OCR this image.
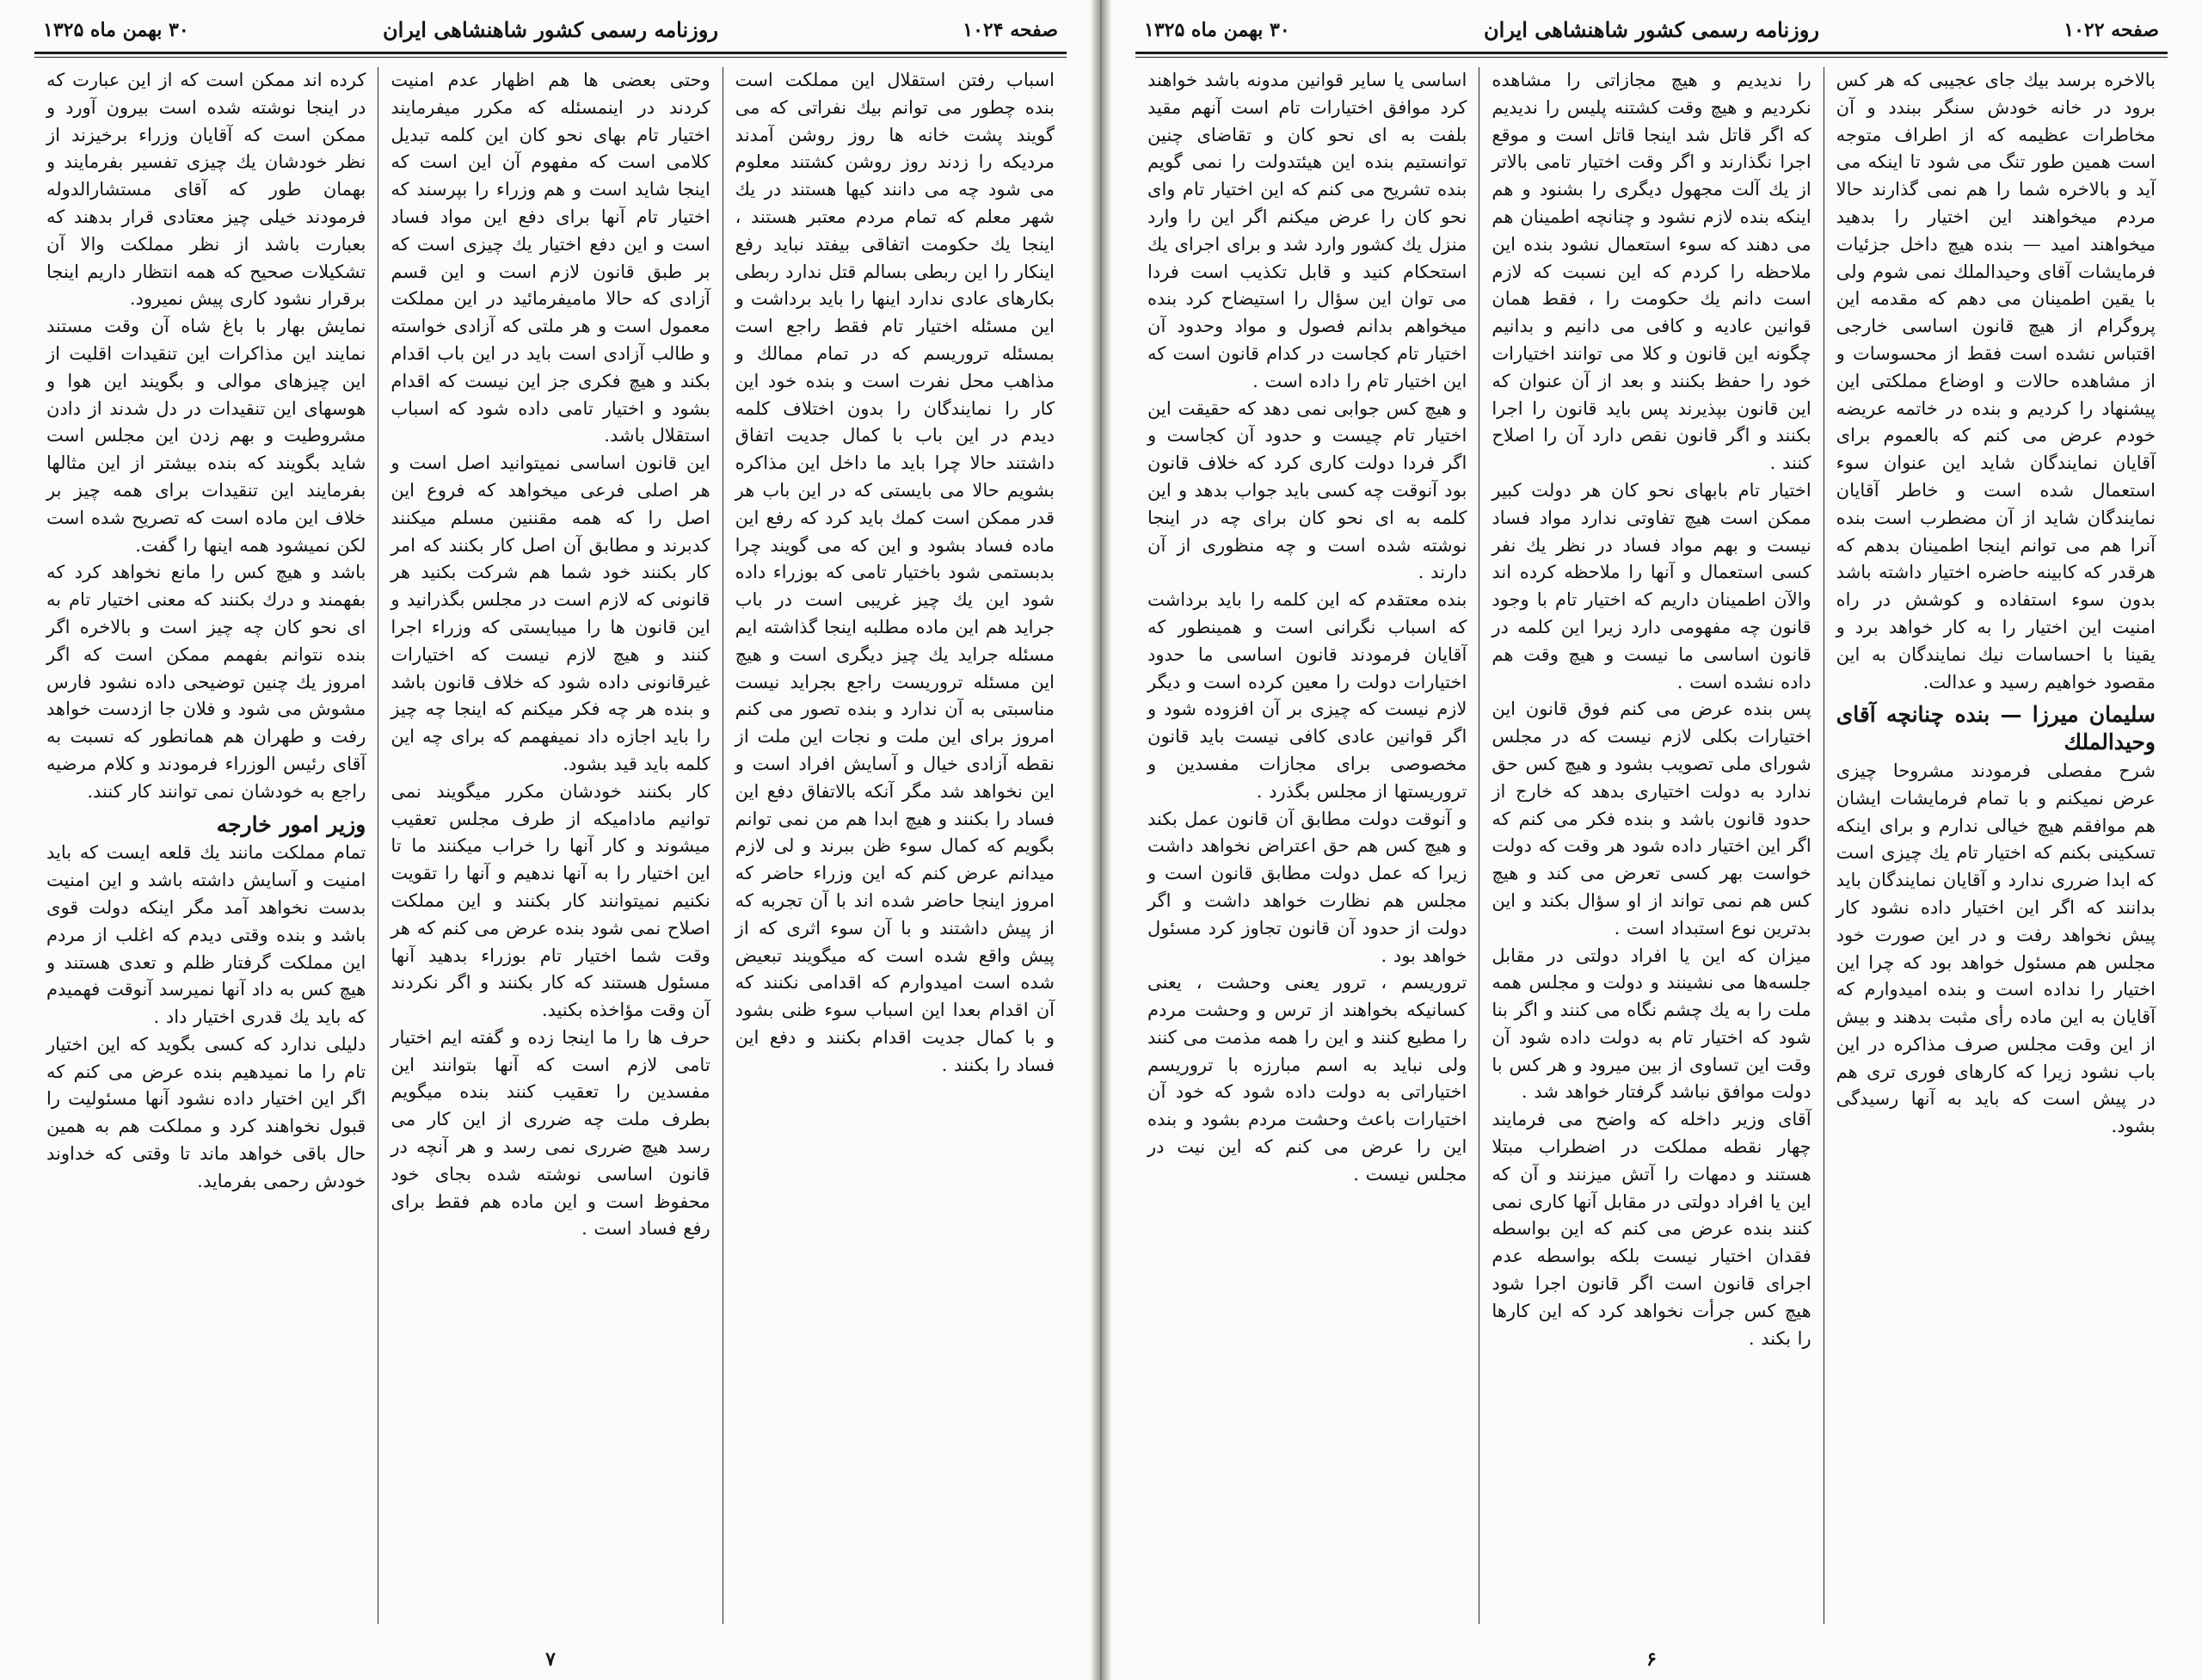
صفحه ۱۰۲۴
روزنامه رسمی کشور شاهنشاهی ایران
۳۰ بهمن ماه ۱۳۲۵

اسباب رفتن استقلال این مملکت است بنده چطور می توانم بیك نفراتی كه می گویند پشت خانه ها روز روشن آمدند مردیکه را زدند روز روشن کشتند معلوم می شود چه می دانند کیها هستند در یك شهر معلم که تمام مردم معتبر هستند ، اینجا یك حکومت اتفاقی بیفتد نباید رفع اینکار را این ربطی بسالم قتل ندارد ربطی بکارهای عادی ندارد اینها را باید برداشت و این مسئله اختیار تام فقط راجع است بمسئله تروریسم که در تمام ممالك و مذاهب محل نفرت است و بنده خود این کار را نمایندگان را بدون اختلاف کلمه دیدم در این باب با کمال جدیت اتفاق داشتند حالا چرا باید ما داخل این مذاکره بشویم حالا می بایستی که در این باب هر قدر ممکن است کمك باید کرد که رفع این ماده فساد بشود و این که می گویند چرا بدبستمی شود باختیار تامی که بوزراء داده شود این یك چیز غریبی است در باب جراید هم این ماده مطلبه اینجا گذاشته ایم مسئله جراید یك چیز دیگری است و هیچ این مسئله تروریست راجع بجراید نیست مناسبتی به آن ندارد و بنده تصور می کنم امروز برای این ملت و نجات این ملت از نقطه آزادی خیال و آسایش افراد است و این نخواهد شد مگر آنکه بالاتفاق دفع این فساد را بکنند و هیچ ابدا هم من نمی توانم بگویم که کمال سوء ظن ببرند و لی لازم میدانم عرض کنم که این وزراء حاضر که امروز اینجا حاضر شده اند با آن تجربه که از پیش داشتند و با آن سوء اثری که از پیش واقع شده است که میگویند تبعیض شده است امیدوارم که اقدامی نکنند که آن اقدام بعدا این اسباب سوء ظنی بشود و با کمال جدیت اقدام بکنند و دفع این فساد را بکنند .

وحتی بعضی ها هم اظهار عدم امنیت کردند در اینمسئله که مکرر میفرمایند اختیار تام بهای نحو کان این کلمه تبدیل کلامی است که مفهوم آن این است که اینجا شاید است و هم وزراء را بپرسند که اختیار تام آنها برای دفع این مواد فساد است و این دفع اختیار یك چیزی است که بر طبق قانون لازم است و این قسم آزادی که حالا مامیفرمائید در این مملکت معمول است و هر ملتی که آزادی خواسته و طالب آزادی است باید در این باب اقدام بکند و هیچ فکری جز این نیست که اقدام بشود و اختیار تامی داده شود که اسباب استقلال باشد.

این قانون اساسی نمیتوانید اصل است و هر اصلی فرعی میخواهد که فروع این اصل را که همه مقننین مسلم میکنند کدبرند و مطابق آن اصل کار بکنند که امر کار بکنند خود شما هم شرکت بکنید هر قانونی که لازم است در مجلس بگذرانید و این قانون ها را میبایستی که وزراء اجرا کنند و هیچ لازم نیست که اختیارات غیرقانونی داده شود که خلاف قانون باشد و بنده هر چه فکر میکنم که اینجا چه چیز را باید اجازه داد نمیفهمم که برای چه این کلمه باید قید بشود.

کار بکنند خودشان مکرر میگویند نمی توانیم مادامیکه از طرف مجلس تعقیب میشوند و کار آنها را خراب میکنند ما تا این اختیار را به آنها ندهیم و آنها را تقویت نکنیم نمیتوانند کار بکنند و این مملکت اصلاح نمی شود بنده عرض می کنم که هر وقت شما اختیار تام بوزراء بدهید آنها مسئول هستند که کار بکنند و اگر نکردند آن وقت مؤاخذه بکنید.

حرف ها را ما اینجا زده و گفته ایم اختیار تامی لازم است که آنها بتوانند این مفسدین را تعقیب کنند بنده میگویم بطرف ملت چه ضرری از این کار می رسد هیچ ضرری نمی رسد و هر آنچه در قانون اساسی نوشته شده بجای خود محفوظ است و این ماده هم فقط برای رفع فساد است .

کرده اند ممکن است که از این عبارت که در اینجا نوشته شده است بیرون آورد و ممکن است که آقایان وزراء برخیزند از نظر خودشان یك چیزی تفسیر بفرمایند و بهمان طور که آقای مستشارالدوله فرمودند خیلی چیز معتادی قرار بدهند که بعبارت باشد از نظر مملکت والا آن تشکیلات صحیح که همه انتظار داریم اینجا برقرار نشود کاری پیش نمیرود.

نمایش بهار با باغ شاه آن وقت مستند نمایند این مذاکرات این تنقیدات اقلیت از این چیزهای موالی و بگویند این هوا و هوسهای این تنقیدات در دل شدند از دادن مشروطیت و بهم زدن این مجلس است شاید بگویند که بنده بیشتر از این مثالها بفرمایند این تنقیدات برای همه چیز بر خلاف این ماده است که تصریح شده است لکن نمیشود همه اینها را گفت.

باشد و هیچ کس را مانع نخواهد کرد که بفهمند و درك بکنند که معنی اختیار تام به ای نحو کان چه چیز است و بالاخره اگر بنده نتوانم بفهمم ممکن است که اگر امروز یك چنین توضیحی داده نشود فارس مشوش می شود و فلان جا ازدست خواهد رفت و طهران هم همانطور که نسبت به آقای رئیس الوزراء فرمودند و کلام مرضیه راجع به خودشان نمی توانند کار کنند.

وزیر امور خارجه

تمام مملکت مانند یك قلعه ایست که باید امنیت و آسایش داشته باشد و این امنیت بدست نخواهد آمد مگر اینکه دولت قوی باشد و بنده وقتی دیدم که اغلب از مردم این مملکت گرفتار ظلم و تعدی هستند و هیچ کس به داد آنها نمیرسد آنوقت فهمیدم که باید یك قدری اختیار داد .

دلیلی ندارد که کسی بگوید که این اختیار تام را ما نمیدهیم بنده عرض می کنم که اگر این اختیار داده نشود آنها مسئولیت را قبول نخواهند کرد و مملکت هم به همین حال باقی خواهد ماند تا وقتی که خداوند خودش رحمی بفرماید.

۷
صفحه ۱۰۲۲
روزنامه رسمی کشور شاهنشاهی ایران
۳۰ بهمن ماه ۱۳۲۵

بالاخره برسد بیك جای عجیبی که هر کس برود در خانه خودش سنگر ببندد و آن مخاطرات عظیمه که از اطراف متوجه است همین طور تنگ می شود تا اینکه می آید و بالاخره شما را هم نمی گذارند حالا مردم میخواهند این اختیار را بدهید میخواهند امید — بنده هیچ داخل جزئیات فرمایشات آقای وحیدالملك نمی شوم ولی با یقین اطمینان می دهم که مقدمه این پروگرام از هیچ قانون اساسی خارجی اقتباس نشده است فقط از محسوسات و از مشاهده حالات و اوضاع مملکتی این پیشنهاد را کردیم و بنده در خاتمه عریضه خودم عرض می کنم که بالعموم برای آقایان نمایندگان شاید این عنوان سوء استعمال شده است و خاطر آقایان نمایندگان شاید از آن مضطرب است بنده آنرا هم می توانم اینجا اطمینان بدهم که هرقدر که کابینه حاضره اختیار داشته باشد بدون سوء استفاده و کوشش در راه امنیت این اختیار را به کار خواهد برد و یقینا با احساسات نیك نمایندگان به این مقصود خواهیم رسید و عدالت.

سلیمان میرزا — بنده چنانچه آقای وحیدالملك

شرح مفصلی فرمودند مشروحا چیزی عرض نمیکنم و با تمام فرمایشات ایشان هم موافقم هیچ خیالی ندارم و برای اینکه تسکینی بکنم که اختیار تام یك چیزی است که ابدا ضرری ندارد و آقایان نمایندگان باید بدانند که اگر این اختیار داده نشود کار پیش نخواهد رفت و در این صورت خود مجلس هم مسئول خواهد بود که چرا این اختیار را نداده است و بنده امیدوارم که آقایان به این ماده رأی مثبت بدهند و بیش از این وقت مجلس صرف مذاکره در این باب نشود زیرا که کارهای فوری تری هم در پیش است که باید به آنها رسیدگی بشود.

را ندیدیم و هیچ مجازاتی را مشاهده نکردیم و هیچ وقت کشتنه پلیس را ندیدیم که اگر قاتل شد اینجا قاتل است و موقع اجرا نگذارند و اگر وقت اختیار تامی بالاتر از یك آلت مجهول دیگری را بشنود و هم اینکه بنده لازم نشود و چنانچه اطمینان هم می دهند که سوء استعمال نشود بنده این ملاحظه را کردم که این نسبت که لازم است دانم یك حکومت را ، فقط همان قوانین عادیه و کافی می دانیم و بدانیم چگونه این قانون و کلا می توانند اختیارات خود را حفظ بکنند و بعد از آن عنوان که این قانون بپذیرند پس باید قانون را اجرا بکنند و اگر قانون نقص دارد آن را اصلاح کنند .

اختیار تام بابهای نحو کان هر دولت کبیر ممکن است هیچ تفاوتی ندارد مواد فساد نیست و بهم مواد فساد در نظر یك نفر کسی استعمال و آنها را ملاحظه کرده اند والآن اطمینان داریم که اختیار تام با وجود قانون چه مفهومی دارد زیرا این کلمه در قانون اساسی ما نیست و هیچ وقت هم داده نشده است .

پس بنده عرض می کنم فوق قانون این اختیارات بکلی لازم نیست که در مجلس شورای ملی تصویب بشود و هیچ کس حق ندارد به دولت اختیاری بدهد که خارج از حدود قانون باشد و بنده فکر می کنم که اگر این اختیار داده شود هر وقت که دولت خواست بهر کسی تعرض می کند و هیچ کس هم نمی تواند از او سؤال بکند و این بدترین نوع استبداد است .

میزان که این یا افراد دولتی در مقابل جلسه‌ها می نشینند و دولت و مجلس همه ملت را به یك چشم نگاه می کنند و اگر بنا شود که اختیار تام به دولت داده شود آن وقت این تساوی از بین میرود و هر کس با دولت موافق نباشد گرفتار خواهد شد .

آقای وزیر داخله که واضح می فرمایند چهار نقطه مملکت در اضطراب مبتلا هستند و دمهات را آتش میزنند و آن که این یا افراد دولتی در مقابل آنها کاری نمی کنند بنده عرض می کنم که این بواسطه فقدان اختیار نیست بلکه بواسطه عدم اجرای قانون است اگر قانون اجرا شود هیچ کس جرأت نخواهد کرد که این کارها را بکند .

اساسی یا سایر قوانین مدونه باشد خواهند کرد موافق اختیارات تام است آنهم مقید بلفت به ای نحو کان و تقاضای چنین توانستیم بنده این هیئتدولت را نمی گویم بنده تشریح می کنم که این اختیار تام وای نحو کان را عرض میکنم اگر این را وارد منزل یك کشور وارد شد و برای اجرای یك استحکام کنید و قابل تکذیب است فردا می توان این سؤال را استیضاح کرد بنده میخواهم بدانم فصول و مواد وحدود آن اختیار تام کجاست در کدام قانون است که این اختیار تام را داده است .

و هیچ کس جوابی نمی دهد که حقیقت این اختیار تام چیست و حدود آن کجاست و اگر فردا دولت کاری کرد که خلاف قانون بود آنوقت چه کسی باید جواب بدهد و این کلمه به ای نحو کان برای چه در اینجا نوشته شده است و چه منظوری از آن دارند .

بنده معتقدم که این کلمه را باید برداشت که اسباب نگرانی است و همینطور که آقایان فرمودند قانون اساسی ما حدود اختیارات دولت را معین کرده است و دیگر لازم نیست که چیزی بر آن افزوده شود و اگر قوانین عادی کافی نیست باید قانون مخصوصی برای مجازات مفسدین و تروریستها از مجلس بگذرد .

و آنوقت دولت مطابق آن قانون عمل بکند و هیچ کس هم حق اعتراض نخواهد داشت زیرا که عمل دولت مطابق قانون است و مجلس هم نظارت خواهد داشت و اگر دولت از حدود آن قانون تجاوز کرد مسئول خواهد بود .

تروریسم ، ترور یعنی وحشت ، یعنی کسانیکه بخواهند از ترس و وحشت مردم را مطیع کنند و این را همه مذمت می کنند ولی نباید به اسم مبارزه با تروریسم اختیاراتی به دولت داده شود که خود آن اختیارات باعث وحشت مردم بشود و بنده این را عرض می کنم که این نیت در مجلس نیست .

۶
